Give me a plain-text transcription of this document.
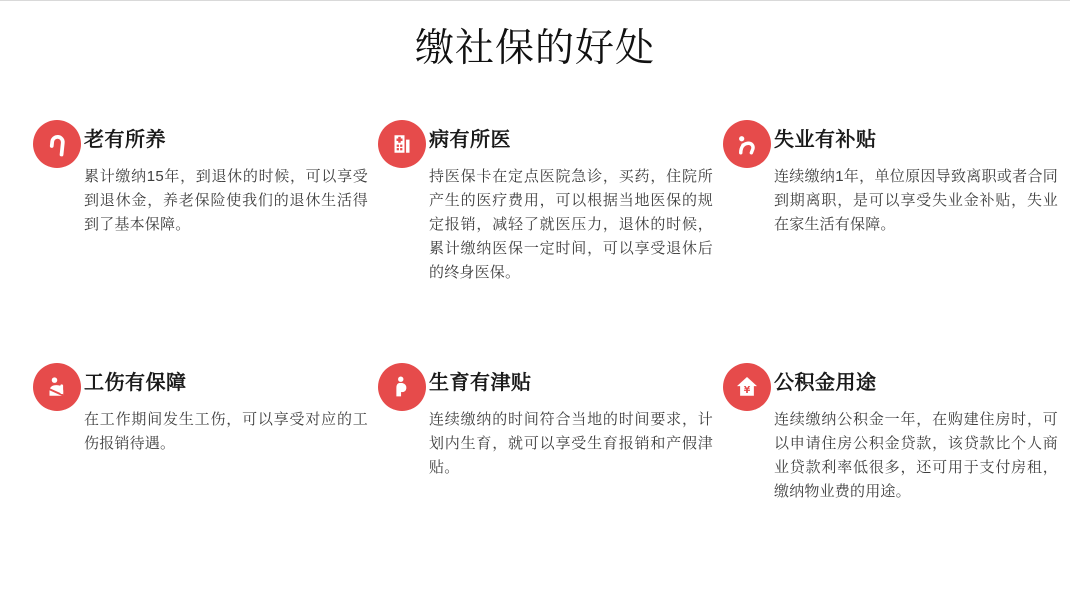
缴社保的好处
老有所养

累计缴纳15年，到退休的时候，可以享受到退休金，养老保险使我们的退休生活得到了基本保障。

病有所医

持医保卡在定点医院急诊，买药，住院所产生的医疗费用，可以根据当地医保的规定报销，减轻了就医压力，退休的时候，累计缴纳医保一定时间，可以享受退休后的终身医保。

失业有补贴

连续缴纳1年，单位原因导致离职或者合同到期离职，是可以享受失业金补贴，失业在家生活有保障。

工伤有保障

在工作期间发生工伤，可以享受对应的工伤报销待遇。

生育有津贴

连续缴纳的时间符合当地的时间要求，计划内生育，就可以享受生育报销和产假津贴。

¥ 公积金用途

连续缴纳公积金一年，在购建住房时，可以申请住房公积金贷款，该贷款比个人商业贷款利率低很多，还可用于支付房租，缴纳物业费的用途。
